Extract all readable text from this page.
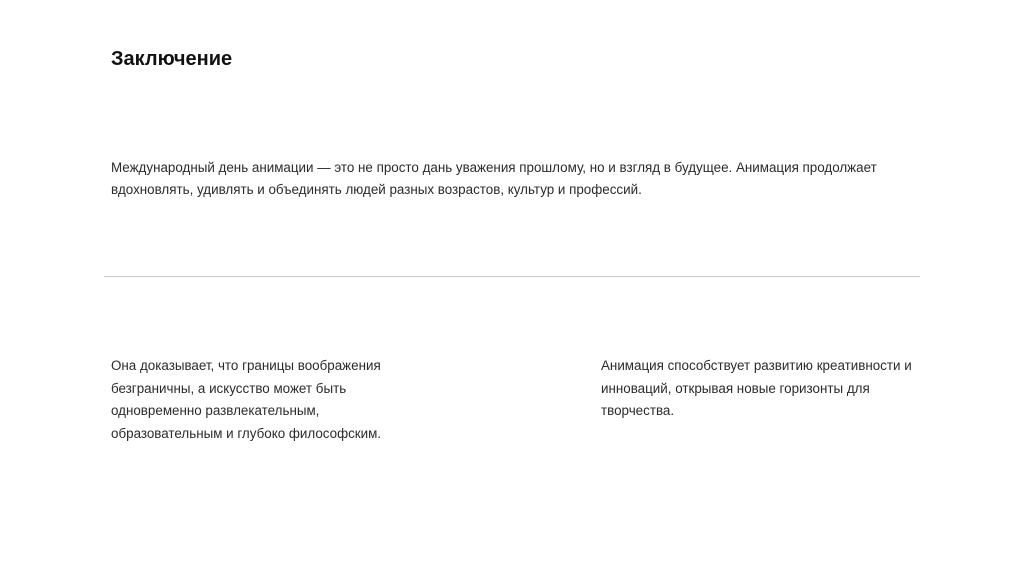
Заключение

Международный день анимации — это не просто дань уважения прошлому, но и взгляд в будущее. Анимация продолжает вдохновлять, удивлять и объединять людей разных возрастов, культур и профессий.

Она доказывает, что границы воображения
безграничны, а искусство может быть
одновременно развлекательным,
образовательным и глубоко философским.
Анимация способствует развитию креативности и
инноваций, открывая новые горизонты для
творчества.
